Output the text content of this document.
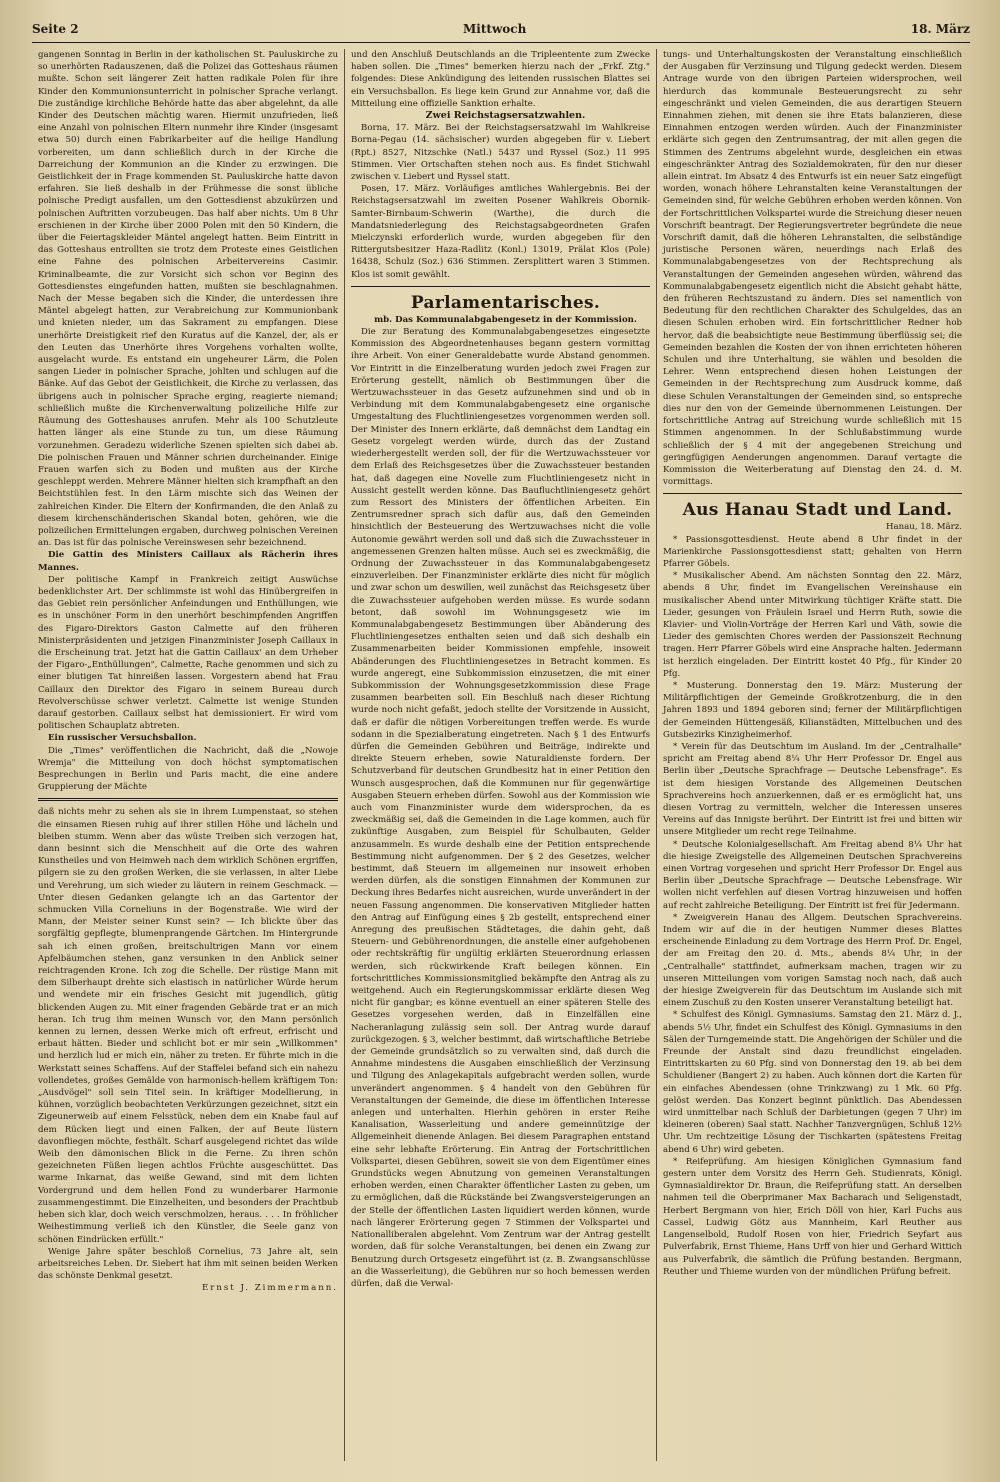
Seite 2	Mittwoch	18. März

gangenen Sonntag in Berlin in der katholischen St. Pauluskirche zu so unerhörten Radauszenen, daß die Polizei das Gotteshaus räumen mußte. Schon seit längerer Zeit hatten radikale Polen für ihre Kinder den Kommunionsunterricht in polnischer Sprache verlangt. Die zuständige kirchliche Behörde hatte das aber abgelehnt, da alle Kinder des Deutschen mächtig waren. Hiermit unzufrieden, ließ eine Anzahl von polnischen Eltern nunmehr ihre Kinder (insgesamt etwa 50) durch einen Fabrikarbeiter auf die heilige Handlung vorbereiten, um dann schließlich durch in der Kirche die Darreichung der Kommunion an die Kinder zu erzwingen. Die Geistlichkeit der in Frage kommenden St. Pauluskirche hatte davon erfahren. Sie ließ deshalb in der Frühmesse die sonst übliche polnische Predigt ausfallen, um den Gottesdienst abzukürzen und polnischen Auftritten vorzubeugen. Das half aber nichts. Um 8 Uhr erschienen in der Kirche über 2000 Polen mit den 50 Kindern, die über die Feiertagskleider Mäntel angelegt hatten. Beim Eintritt in das Gotteshaus entrollten sie trotz dem Proteste eines Geistlichen eine Fahne des polnischen Arbeitervereins Casimir. Kriminalbeamte, die zur Vorsicht sich schon vor Beginn des Gottesdienstes eingefunden hatten, mußten sie beschlagnahmen. Nach der Messe begaben sich die Kinder, die unterdessen ihre Mäntel abgelegt hatten, zur Verabreichung zur Kommunionbank und knieten nieder, um das Sakrament zu empfangen. Diese unerhörte Dreistigkeit rief den Kuratus auf die Kanzel, der, als er den Leuten das Unerhörte ihres Vorgehens vorhalten wollte, ausgelacht wurde. Es entstand ein ungeheurer Lärm, die Polen sangen Lieder in polnischer Sprache, johlten und schlugen auf die Bänke. Auf das Gebot der Geistlichkeit, die Kirche zu verlassen, das übrigens auch in polnischer Sprache erging, reagierte niemand; schließlich mußte die Kirchenverwaltung polizeiliche Hilfe zur Räumung des Gotteshauses anrufen. Mehr als 100 Schutzleute hatten länger als eine Stunde zu tun, um diese Räumung vorzunehmen. Geradezu widerliche Szenen spielten sich dabei ab. Die polnischen Frauen und Männer schrien durcheinander. Einige Frauen warfen sich zu Boden und mußten aus der Kirche geschleppt werden. Mehrere Männer hielten sich krampfhaft an den Beichtstühlen fest. In den Lärm mischte sich das Weinen der zahlreichen Kinder. Die Eltern der Konfirmanden, die den Anlaß zu diesem kirchenschänderischen Skandal boten, gehören, wie die polizeilichen Ermittelungen ergaben, durchweg polnischen Vereinen an. Das ist für das polnische Vereinswesen sehr bezeichnend.

Die Gattin des Ministers Caillaux als Rächerin ihres Mannes.

Der politische Kampf in Frankreich zeitigt Auswüchse bedenklichster Art. Der schlimmste ist wohl das Hinübergreifen in das Gebiet rein persönlicher Anfeindungen und Enthüllungen, wie es in unschöner Form in den unerhört beschimpfenden Angriffen des Figaro-Direktors Gaston Calmette auf den früheren Ministerpräsidenten und jetzigen Finanzminister Joseph Caillaux in die Erscheinung trat. Jetzt hat die Gattin Caillaux' an dem Urheber der Figaro-„Enthüllungen", Calmette, Rache genommen und sich zu einer blutigen Tat hinreißen lassen. Vorgestern abend hat Frau Caillaux den Direktor des Figaro in seinem Bureau durch Revolverschüsse schwer verletzt. Calmette ist wenige Stunden darauf gestorben. Caillaux selbst hat demissioniert. Er wird vom politischen Schauplatz abtreten.

Ein russischer Versuchsballon.

Die „Times" veröffentlichen die Nachricht, daß die „Nowoje Wremja" die Mitteilung von doch höchst symptomatischen Besprechungen in Berlin und Paris macht, die eine andere Gruppierung der Mächte

daß nichts mehr zu sehen als sie in ihrem Lumpenstaat, so stehen die einsamen Riesen ruhig auf ihrer stillen Höhe und lächeln und bleiben stumm. Wenn aber das wüste Treiben sich verzogen hat, dann besinnt sich die Menschheit auf die Orte des wahren Kunstheiles und von Heimweh nach dem wirklich Schönen ergriffen, pilgern sie zu den großen Werken, die sie verlassen, in alter Liebe und Verehrung, um sich wieder zu läutern in reinem Geschmack. — Unter diesen Gedanken gelangte ich an das Gartentor der schmucken Villa Corneliuns in der Bogenstraße. Wie wird der Mann, der Meister seiner Kunst sein? — Ich blickte über das sorgfältig gepflegte, blumenprangende Gärtchen. Im Hintergrunde sah ich einen großen, breitschultrigen Mann vor einem Apfelbäumchen stehen, ganz versunken in den Anblick seiner reichtragenden Krone. Ich zog die Schelle. Der rüstige Mann mit dem Silberhaupt drehte sich elastisch in natürlicher Würde herum und wendete mir ein frisches Gesicht mit jugendlich, gütig blickenden Augen zu. Mit einer fragenden Gebärde trat er an mich heran. Ich trug ihm meinen Wunsch vor, den Mann persönlich kennen zu lernen, dessen Werke mich oft erfreut, erfrischt und erbaut hätten. Bieder und schlicht bot er mir sein „Willkommen" und herzlich lud er mich ein, näher zu treten. Er führte mich in die Werkstatt seines Schaffens. Auf der Staffelei befand sich ein nahezu vollendetes, großes Gemälde von harmonisch-hellem kräftigem Ton: „Ausdvögel" soll sein Titel sein. In kräftiger Modellierung, in kühnen, vorzüglich beobachteten Verkürzungen gezeichnet, sitzt ein Zigeunerweib auf einem Felsstück, neben dem ein Knabe faul auf dem Rücken liegt und einen Falken, der auf Beute lüstern davonfliegen möchte, festhält. Scharf ausgelegend richtet das wilde Weib den dämonischen Blick in die Ferne. Zu ihren schön gezeichneten Füßen liegen achtlos Früchte ausgeschüttet. Das warme Inkarnat, das weiße Gewand, sind mit dem lichten Vordergrund und dem hellen Fond zu wunderbarer Harmonie zusammengestimmt. Die Einzelheiten, und besonders der Prachtbub heben sich klar, doch weich verschmolzen, heraus. . . . In fröhlicher Weihestimmung verließ ich den Künstler, die Seele ganz von schönen Eindrücken erfüllt."

Wenige Jahre später beschloß Cornelius, 73 Jahre alt, sein arbeitsreiches Leben. Dr. Siebert hat ihm mit seinen beiden Werken das schönste Denkmal gesetzt.

Ernst J. Zimmermann.

und den Anschluß Deutschlands an die Tripleentente zum Zwecke haben sollen. Die „Times" bemerken hierzu nach der „Frkf. Ztg." folgendes: Diese Ankündigung des leitenden russischen Blattes sei ein Versuchsballon. Es liege kein Grund zur Annahme vor, daß die Mitteilung eine offizielle Sanktion erhalte.

Zwei Reichstagsersatzwahlen.

Borna, 17. März. Bei der Reichstagsersatzwahl im Wahlkreise Borna-Pegau (14. sächsischer) wurden abgegeben für v. Liebert (Rpt.) 8527, Nitzschke (Natl.) 5437 und Ryssel (Soz.) 11 995 Stimmen. Vier Ortschaften stehen noch aus. Es findet Stichwahl zwischen v. Liebert und Ryssel statt.

Posen, 17. März. Vorläufiges amtliches Wahlergebnis. Bei der Reichstagsersatzwahl im zweiten Posener Wahlkreis Obornik-Samter-Birnbaum-Schwerin (Warthe), die durch die Mandatsniederlegung des Reichstagsabgeordneten Grafen Mielczynski erforderlich wurde, wurden abgegeben für den Rittergutsbesitzer Haza-Radlitz (Konl.) 13019, Prälat Klos (Pole) 16438, Schulz (Soz.) 636 Stimmen. Zersplittert waren 3 Stimmen. Klos ist somit gewählt.

Parlamentarisches.

mb. Das Kommunalabgabengesetz in der Kommission.

Die zur Beratung des Kommunalabgabengesetzes eingesetzte Kommission des Abgeordnetenhauses begann gestern vormittag ihre Arbeit. Von einer Generaldebatte wurde Abstand genommen. Vor Eintritt in die Einzelberatung wurden jedoch zwei Fragen zur Erörterung gestellt, nämlich ob Bestimmungen über die Wertzuwachssteuer in das Gesetz aufzunehmen sind und ob in Verbindung mit dem Kommunalabgabengesetz eine organische Umgestaltung des Fluchtliniengesetzes vorgenommen werden soll. Der Minister des Innern erklärte, daß demnächst dem Landtag ein Gesetz vorgelegt werden würde, durch das der Zustand wiederhergestellt werden soll, der für die Wertzuwachssteuer vor dem Erlaß des Reichsgesetzes über die Zuwachssteuer bestanden hat, daß dagegen eine Novelle zum Fluchtliniengesetz nicht in Aussicht gestellt werden könne. Das Baufluchtliniengesetz gehört zum Ressort des Ministers der öffentlichen Arbeiten. Ein Zentrumsredner sprach sich dafür aus, daß den Gemeinden hinsichtlich der Besteuerung des Wertzuwachses nicht die volle Autonomie gewährt werden soll und daß sich die Zuwachssteuer in angemessenen Grenzen halten müsse. Auch sei es zweckmäßig, die Ordnung der Zuwachssteuer in das Kommunalabgabengesetz einzuverleiben. Der Finanzminister erklärte dies nicht für möglich und zwar schon um deswillen, weil zunächst das Reichsgesetz über die Zuwachssteuer aufgehoben werden müsse. Es wurde sodann betont, daß sowohl im Wohnungsgesetz wie im Kommunalabgabengesetz Bestimmungen über Abänderung des Fluchtliniengesetzes enthalten seien und daß sich deshalb ein Zusammenarbeiten beider Kommissionen empfehle, insoweit Abänderungen des Fluchtliniengesetzes in Betracht kommen. Es wurde angeregt, eine Subkommission einzusetzen, die mit einer Subkommission der Wohnungsgesetzkommission diese Frage zusammen bearbeiten soll. Ein Beschluß nach dieser Richtung wurde noch nicht gefaßt, jedoch stellte der Vorsitzende in Aussicht, daß er dafür die nötigen Vorbereitungen treffen werde. Es wurde sodann in die Spezialberatung eingetreten. Nach § 1 des Entwurfs dürfen die Gemeinden Gebühren und Beiträge, indirekte und direkte Steuern erheben, sowie Naturaldienste fordern. Der Schutzverband für deutschen Grundbesitz hat in einer Petition den Wunsch ausgesprochen, daß die Kommunen nur für gegenwärtige Ausgaben Steuern erheben dürfen. Sowohl aus der Kommission wie auch vom Finanzminister wurde dem widersprochen, da es zweckmäßig sei, daß die Gemeinden in die Lage kommen, auch für zukünftige Ausgaben, zum Beispiel für Schulbauten, Gelder anzusammeln. Es wurde deshalb eine der Petition entsprechende Bestimmung nicht aufgenommen. Der § 2 des Gesetzes, welcher bestimmt, daß Steuern im allgemeinen nur insoweit erhoben werden dürfen, als die sonstigen Einnahmen der Kommunen zur Deckung ihres Bedarfes nicht ausreichen, wurde unverändert in der neuen Fassung angenommen. Die konservativen Mitglieder hatten den Antrag auf Einfügung eines § 2b gestellt, entsprechend einer Anregung des preußischen Städtetages, die dahin geht, daß Steuern- und Gebührenordnungen, die anstelle einer aufgehobenen oder rechtskräftig für ungültig erklärten Steuerordnung erlassen werden, sich rückwirkende Kraft beilegen können. Ein fortschrittliches Kommissionsmitglied bekämpfte den Antrag als zu weitgehend. Auch ein Regierungskommissar erklärte diesen Weg nicht für gangbar; es könne eventuell an einer späteren Stelle des Gesetzes vorgesehen werden, daß in Einzelfällen eine Nacheranlagung zulässig sein soll. Der Antrag wurde darauf zurückgezogen. § 3, welcher bestimmt, daß wirtschaftliche Betriebe der Gemeinde grundsätzlich so zu verwalten sind, daß durch die Annahme mindestens die Ausgaben einschließlich der Verzinsung und Tilgung des Anlagekapitals aufgebracht werden sollen, wurde unverändert angenommen. § 4 handelt von den Gebühren für Veranstaltungen der Gemeinde, die diese im öffentlichen Interesse anlegen und unterhalten. Hierhin gehören in erster Reihe Kanalisation, Wasserleitung und andere gemeinnützige der Allgemeinheit dienende Anlagen. Bei diesem Paragraphen entstand eine sehr lebhafte Erörterung. Ein Antrag der Fortschrittlichen Volkspartei, diesen Gebühren, soweit sie von dem Eigentümer eines Grundstücks wegen Abnutzung von gemeinen Veranstaltungen erhoben werden, einen Charakter öffentlicher Lasten zu geben, um zu ermöglichen, daß die Rückstände bei Zwangsversteigerungen an der Stelle der öffentlichen Lasten liquidiert werden können, wurde nach längerer Erörterung gegen 7 Stimmen der Volkspartei und Nationalliberalen abgelehnt. Vom Zentrum war der Antrag gestellt worden, daß für solche Veranstaltungen, bei denen ein Zwang zur Benutzung durch Ortsgesetz eingeführt ist (z. B. Zwangsanschlüsse an die Wasserleitung), die Gebühren nur so hoch bemessen werden dürfen, daß die Verwal-

tungs- und Unterhaltungskosten der Veranstaltung einschließlich der Ausgaben für Verzinsung und Tilgung gedeckt werden. Diesem Antrage wurde von den übrigen Parteien widersprochen, weil hierdurch das kommunale Besteuerungsrecht zu sehr eingeschränkt und vielen Gemeinden, die aus derartigen Steuern Einnahmen ziehen, mit denen sie ihre Etats balanzieren, diese Einnahmen entzogen werden würden. Auch der Finanzminister erklärte sich gegen den Zentrumsantrag, der mit allen gegen die Stimmen des Zentrums abgelehnt wurde, desgleichen ein etwas eingeschränkter Antrag des Sozialdemokraten, für den nur dieser allein eintrat. Im Absatz 4 des Entwurfs ist ein neuer Satz eingefügt worden, wonach höhere Lehranstalten keine Veranstaltungen der Gemeinden sind, für welche Gebühren erhoben werden können. Von der Fortschrittlichen Volkspartei wurde die Streichung dieser neuen Vorschrift beantragt. Der Regierungsvertreter begründete die neue Vorschrift damit, daß die höheren Lehranstalten, die selbständige juristische Personen wären, neuerdings nach Erlaß des Kommunalabgabengesetzes von der Rechtsprechung als Veranstaltungen der Gemeinden angesehen würden, während das Kommunalabgabengesetz eigentlich nicht die Absicht gehabt hätte, den früheren Rechtszustand zu ändern. Dies sei namentlich von Bedeutung für den rechtlichen Charakter des Schulgeldes, das an diesen Schulen erhoben wird. Ein fortschrittlicher Redner hob hervor, daß die beabsichtigte neue Bestimmung überflüssig sei; die Gemeinden bezahlen die Kosten der von ihnen errichteten höheren Schulen und ihre Unterhaltung, sie wählen und besolden die Lehrer. Wenn entsprechend diesen hohen Leistungen der Gemeinden in der Rechtsprechung zum Ausdruck komme, daß diese Schulen Veranstaltungen der Gemeinden sind, so entspreche dies nur den von der Gemeinde übernommenen Leistungen. Der fortschrittliche Antrag auf Streichung wurde schließlich mit 15 Stimmen angenommen. In der Schlußabstimmung wurde schließlich der § 4 mit der angegebenen Streichung und geringfügigen Aenderungen angenommen. Darauf vertagte die Kommission die Weiterberatung auf Dienstag den 24. d. M. vormittags.

Aus Hanau Stadt und Land.

Hanau, 18. März.

* Passionsgottesdienst. Heute abend 8 Uhr findet in der Marienkirche Passionsgottesdienst statt; gehalten von Herrn Pfarrer Göbels.

* Musikalischer Abend. Am nächsten Sonntag den 22. März, abends 8 Uhr, findet im Evangelischen Vereinshause ein musikalischer Abend unter Mitwirkung tüchtiger Kräfte statt. Die Lieder, gesungen von Fräulein Israel und Herrn Ruth, sowie die Klavier- und Violin-Vorträge der Herren Karl und Väth, sowie die Lieder des gemischten Chores werden der Passionszeit Rechnung tragen. Herr Pfarrer Göbels wird eine Ansprache halten. Jedermann ist herzlich eingeladen. Der Eintritt kostet 40 Pfg., für Kinder 20 Pfg.

* Musterung. Donnerstag den 19. März: Musterung der Militärpflichtigen der Gemeinde Großkrotzenburg, die in den Jahren 1893 und 1894 geboren sind; ferner der Militärpflichtigen der Gemeinden Hüttengesäß, Kilianstädten, Mittelbuchen und des Gutsbezirks Kinzigheimerhof.

* Verein für das Deutschtum im Ausland. Im der „Centralhalle" spricht am Freitag abend 8¼ Uhr Herr Professor Dr. Engel aus Berlin über „Deutsche Sprachfrage — Deutsche Lebensfrage". Es ist dem hiesigen Vorstande des Allgemeinen Deutschen Sprachvereins hoch anzuerkennen, daß er es ermöglicht hat, uns diesen Vortrag zu vermitteln, welcher die Interessen unseres Vereins auf das Innigste berührt. Der Eintritt ist frei und bitten wir unsere Mitglieder um recht rege Teilnahme.

* Deutsche Kolonialgesellschaft. Am Freitag abend 8¼ Uhr hat die hiesige Zweigstelle des Allgemeinen Deutschen Sprachvereins einen Vortrag vorgesehen und spricht Herr Professor Dr. Engel aus Berlin über „Deutsche Sprachfrage — Deutsche Lebensfrage. Wir wollen nicht verfehlen auf diesen Vortrag hinzuweisen und hoffen auf recht zahlreiche Beteiligung. Der Eintritt ist frei für Jedermann.

* Zweigverein Hanau des Allgem. Deutschen Sprachvereins. Indem wir auf die in der heutigen Nummer dieses Blattes erscheinende Einladung zu dem Vortrage des Herrn Prof. Dr. Engel, der am Freitag den 20. d. Mts., abends 8¼ Uhr, in der „Centralhalle" stattfindet, aufmerksam machen, tragen wir zu unseren Mitteilungen vom vorigen Samstag noch nach, daß auch der hiesige Zweigverein für das Deutschtum im Auslande sich mit einem Zuschuß zu den Kosten unserer Veranstaltung beteiligt hat.

* Schulfest des Königl. Gymnasiums. Samstag den 21. März d. J., abends 5½ Uhr, findet ein Schulfest des Königl. Gymnasiums in den Sälen der Turngemeinde statt. Die Angehörigen der Schüler und die Freunde der Anstalt sind dazu freundlichst eingeladen. Eintrittskarten zu 60 Pfg. sind von Donnerstag den 19. ab bei dem Schuldiener (Bangert 2) zu haben. Auch können dort die Karten für ein einfaches Abendessen (ohne Trinkzwang) zu 1 Mk. 60 Pfg. gelöst werden. Das Konzert beginnt pünktlich. Das Abendessen wird unmittelbar nach Schluß der Darbietungen (gegen 7 Uhr) im kleineren (oberen) Saal statt. Nachher Tanzvergnügen, Schluß 12½ Uhr. Um rechtzeitige Lösung der Tischkarten (spätestens Freitag abend 6 Uhr) wird gebeten.

* Reifeprüfung. Am hiesigen Königlichen Gymnasium fand gestern unter dem Vorsitz des Herrn Geh. Studienrats, Königl. Gymnasialdirektor Dr. Braun, die Reifeprüfung statt. An derselben nahmen teil die Oberprimaner Max Bacharach und Seligenstadt, Herbert Bergmann von hier, Erich Döll von hier, Karl Fuchs aus Cassel, Ludwig Götz aus Mannheim, Karl Reuther aus Langenselbold, Rudolf Rosen von hier, Friedrich Seyfart aus Pulverfabrik, Ernst Thieme, Hans Urff von hier und Gerhard Wittich aus Pulverfabrik, die sämtlich die Prüfung bestanden. Bergmann, Reuther und Thieme wurden von der mündlichen Prüfung befreit.
